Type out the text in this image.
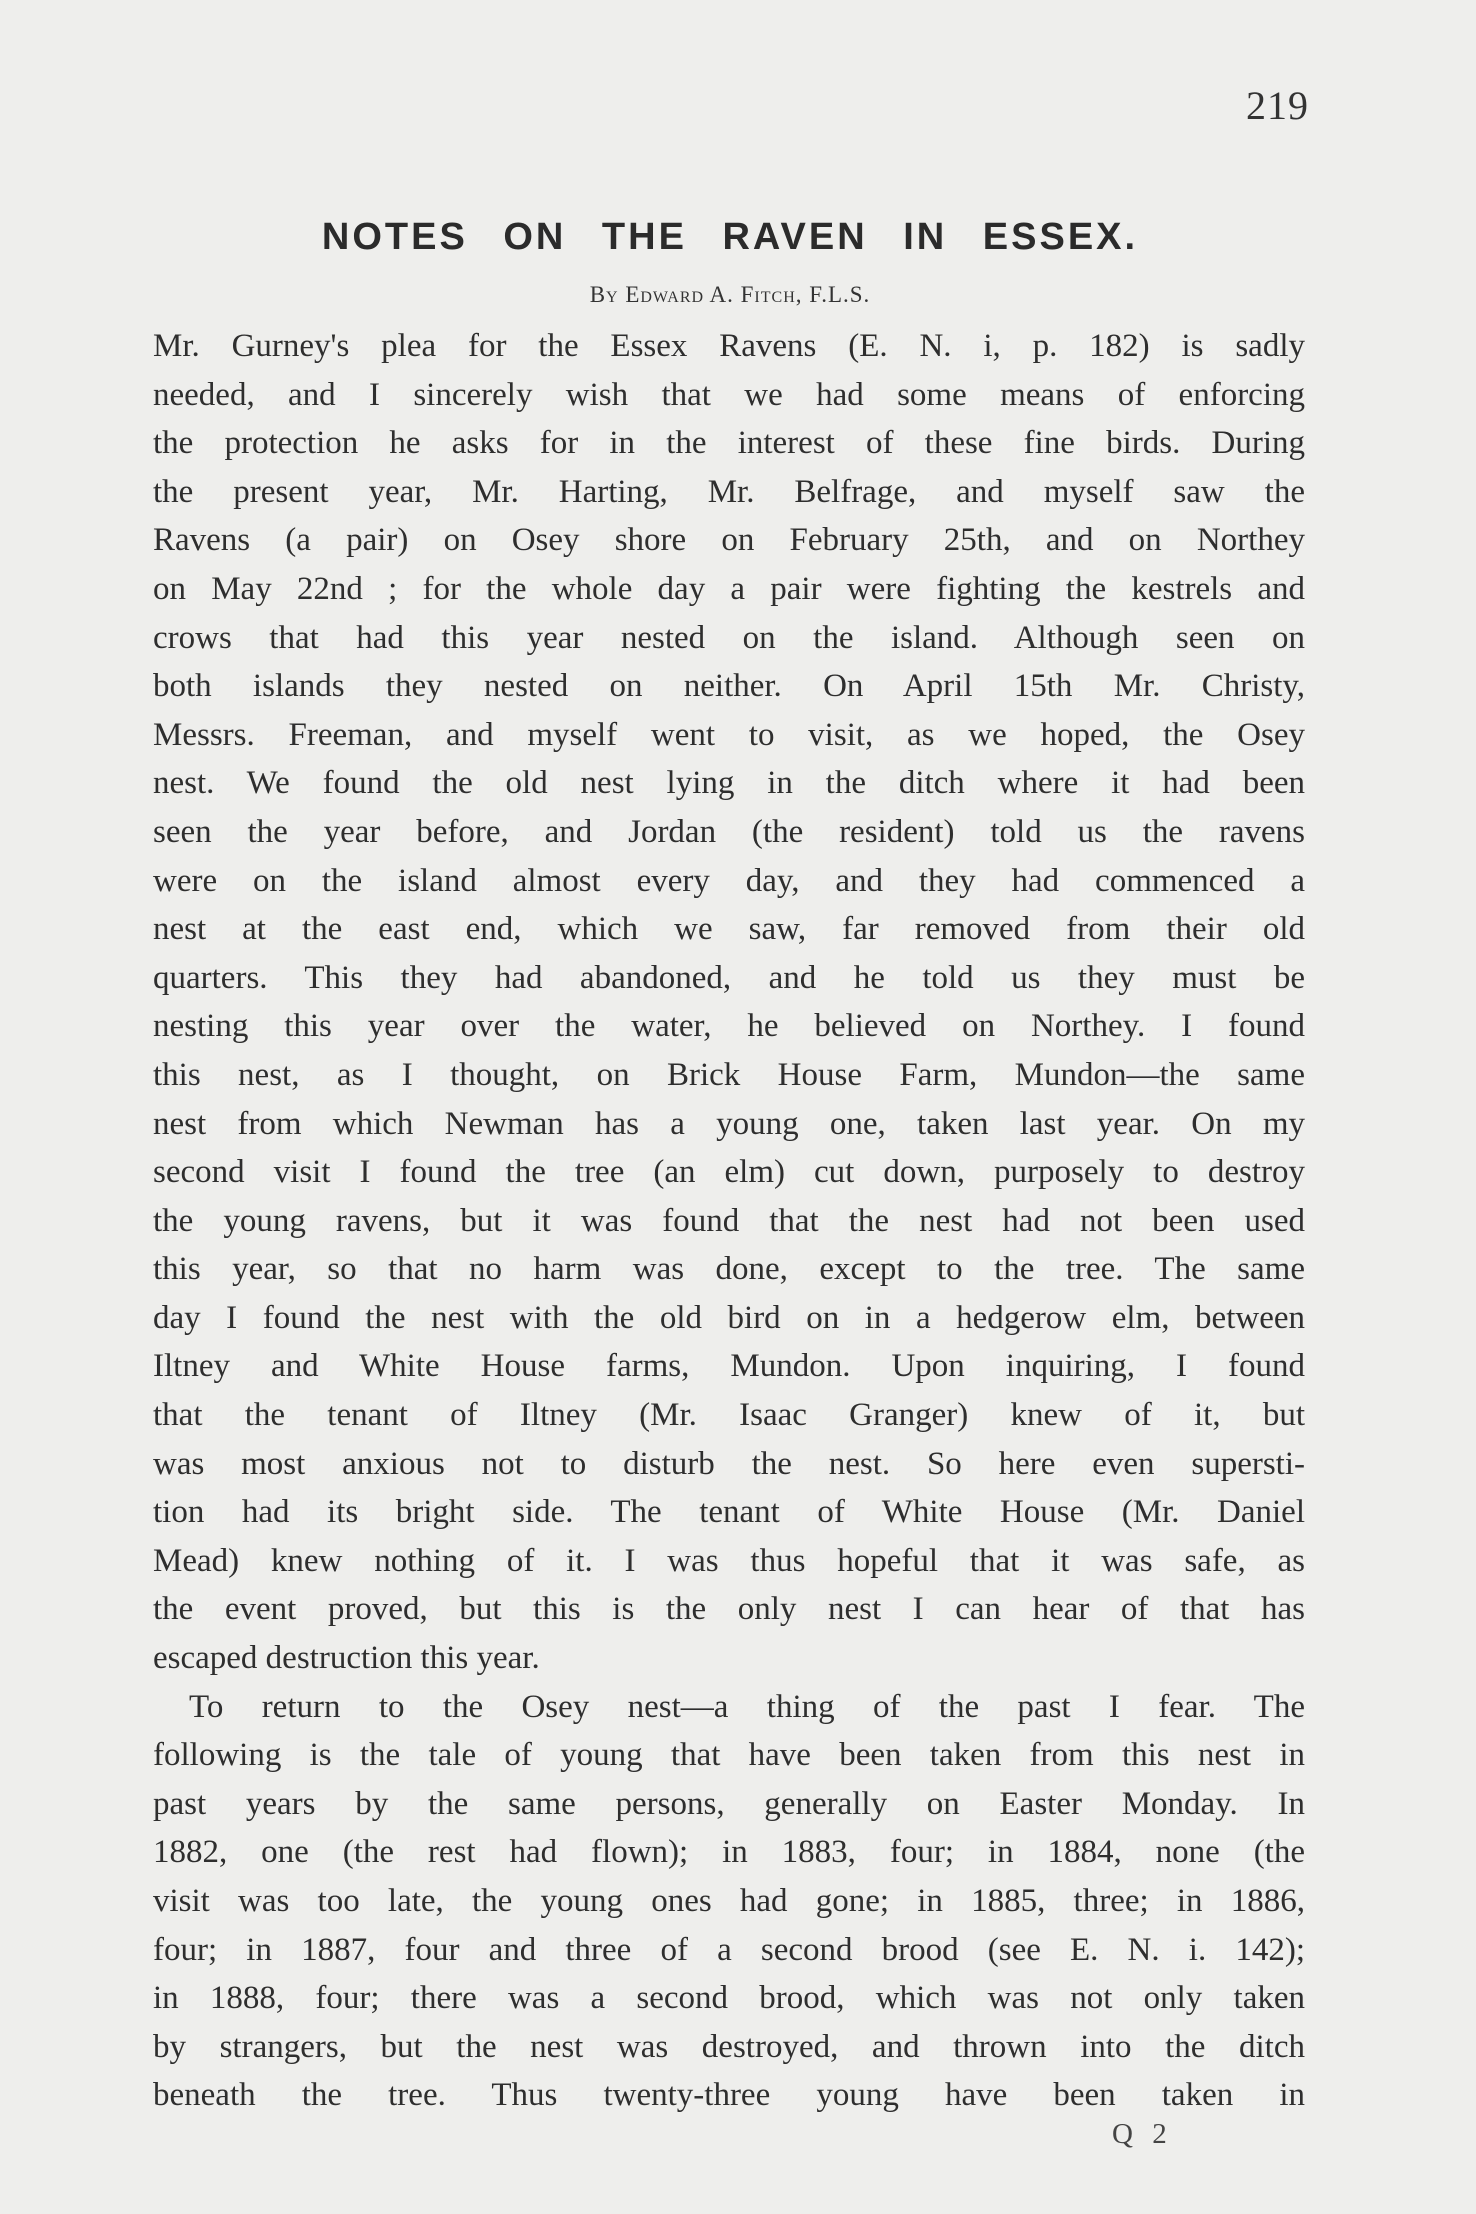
219
NOTES ON THE RAVEN IN ESSEX.
By Edward A. Fitch, F.L.S.
Mr. Gurney's plea for the Essex Ravens (E. N. i, p. 182) is sadly
needed, and I sincerely wish that we had some means of enforcing
the protection he asks for in the interest of these fine birds. During
the present year, Mr. Harting, Mr. Belfrage, and myself saw the
Ravens (a pair) on Osey shore on February 25th, and on Northey
on May 22nd ; for the whole day a pair were fighting the kestrels and
crows that had this year nested on the island. Although seen on
both islands they nested on neither. On April 15th Mr. Christy,
Messrs. Freeman, and myself went to visit, as we hoped, the Osey
nest. We found the old nest lying in the ditch where it had been
seen the year before, and Jordan (the resident) told us the ravens
were on the island almost every day, and they had commenced a
nest at the east end, which we saw, far removed from their old
quarters. This they had abandoned, and he told us they must be
nesting this year over the water, he believed on Northey. I found
this nest, as I thought, on Brick House Farm, Mundon—the same
nest from which Newman has a young one, taken last year. On my
second visit I found the tree (an elm) cut down, purposely to destroy
the young ravens, but it was found that the nest had not been used
this year, so that no harm was done, except to the tree. The same
day I found the nest with the old bird on in a hedgerow elm, between
Iltney and White House farms, Mundon. Upon inquiring, I found
that the tenant of Iltney (Mr. Isaac Granger) knew of it, but
was most anxious not to disturb the nest. So here even supersti-
tion had its bright side. The tenant of White House (Mr. Daniel
Mead) knew nothing of it. I was thus hopeful that it was safe, as
the event proved, but this is the only nest I can hear of that has
escaped destruction this year.
To return to the Osey nest—a thing of the past I fear. The
following is the tale of young that have been taken from this nest in
past years by the same persons, generally on Easter Monday. In
1882, one (the rest had flown); in 1883, four; in 1884, none (the
visit was too late, the young ones had gone; in 1885, three; in 1886,
four; in 1887, four and three of a second brood (see E. N. i. 142);
in 1888, four; there was a second brood, which was not only taken
by strangers, but the nest was destroyed, and thrown into the ditch
beneath the tree. Thus twenty-three young have been taken in
Q 2
